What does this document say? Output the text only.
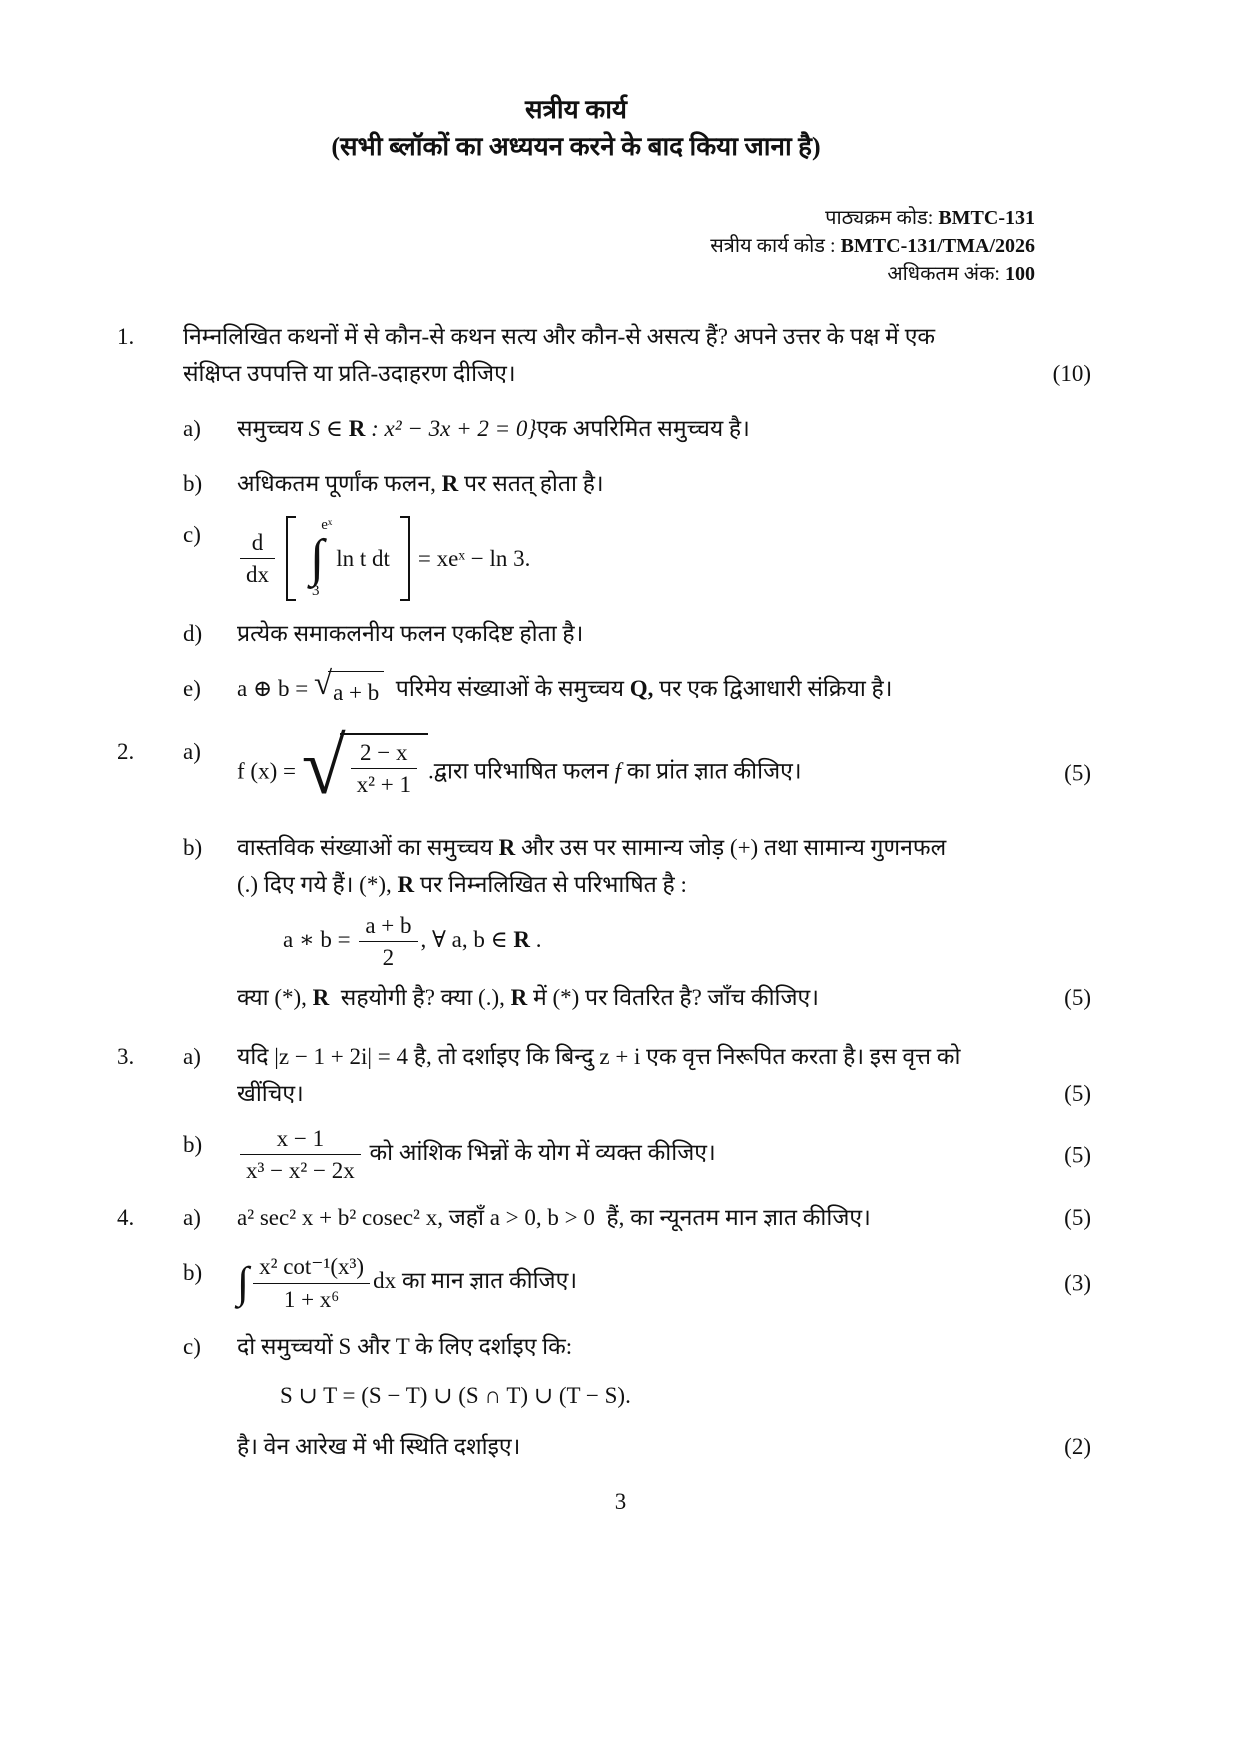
सत्रीय कार्य
(सभी ब्लॉकों का अध्ययन करने के बाद किया जाना है)
पाठ्यक्रम कोड: BMTC-131
सत्रीय कार्य कोड : BMTC-131/TMA/2026
अधिकतम अंक: 100
1.	निम्नलिखित कथनों में से कौन-से कथन सत्य और कौन-से असत्य हैं? अपने उत्तर के पक्ष में एक
संक्षिप्त उपपत्ति या प्रति-उदाहरण दीजिए।	(10)
a)	समुच्चय S ∈ R : x² − 3x + 2 = 0}एक अपरिमित समुच्चय है।
b)	अधिकतम पूर्णांक फलन, R पर सतत् होता है।
c)	$\frac{d}{dx}$
eˣ
∫
3
ln t dt = xeˣ − ln 3.
d)	प्रत्येक समाकलनीय फलन एकदिष्ट होता है।
e)	a ⊕ b = √ a + b परिमेय संख्याओं के समुच्चय Q, पर एक द्विआधारी संक्रिया है।
2.	a)
f (x) = √ $\frac{2 - x}{\text{x² + 1}}$ .द्वारा परिभाषित फलन f का प्रांत ज्ञात कीजिए।	(5)
b)	वास्तविक संख्याओं का समुच्चय R और उस पर सामान्य जोड़ (+) तथा सामान्य गुणनफल
(.) दिए गये हैं। (*), R पर निम्नलिखित से परिभाषित है :
a ∗ $b = \frac{a + b}{2}$ , ∀ a, b ∈ R .
क्या (*), R  सहयोगी है? क्या (.), R में (*) पर वितरित है? जाँच कीजिए।	(5)
3.	a)	यदि |z − 1 + 2i| = 4 है, तो दर्शाइए कि बिन्दु z + i एक वृत्त निरूपित करता है। इस वृत्त को
खींचिए।	(5)
b)	$\frac{x - 1}{\text{x³ − x² − 2x}}$ को आंशिक भिन्नों के योग में व्यक्त कीजिए।	(5)
4.	a)	a² sec² x + b² cosec² x, जहाँ a > 0, b > 0  हैं, का न्यूनतम मान ज्ञात कीजिए।	(5)
b) ∫ $\frac{\text{x² cot⁻¹(x³)}}{\text{1 + x⁶}}$ dx का मान ज्ञात कीजिए।	(3)
c)	दो समुच्चयों S और T के लिए दर्शाइए कि:
S ∪ T = (S − T) ∪ (S ∩ T) ∪ (T − S).
है। वेन आरेख में भी स्थिति दर्शाइए।	(2)
3
